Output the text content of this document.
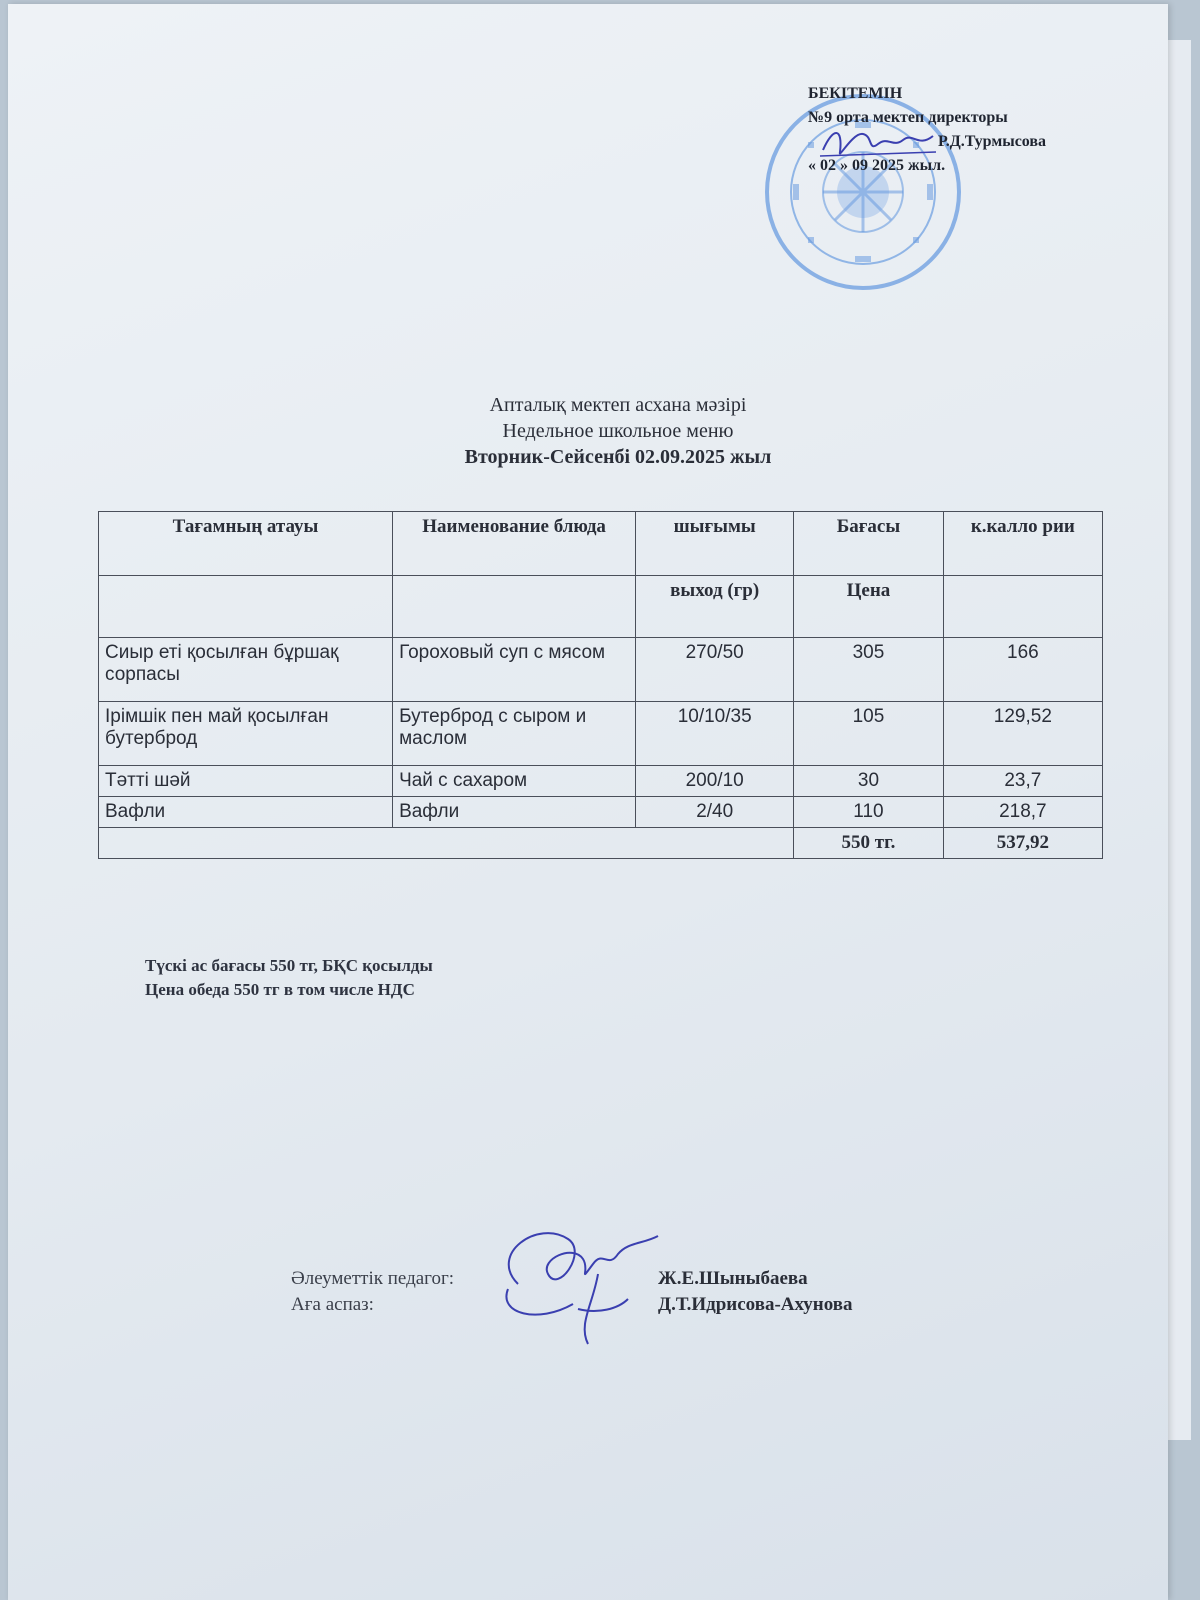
БЕКІТЕМІН
№9 орта мектеп директоры
Р.Д.Турмысова
« 02 » 09 2025 жыл.
Апталық мектеп асхана мәзірі
Недельное школьное меню
Вторник-Сейсенбі 02.09.2025 жыл
Тағамның атауы	Наименование блюда	шығымы	Бағасы	к.калло рии
		выход (гр)	Цена	
Сиыр еті қосылған бұршақ сорпасы	Гороховый суп с мясом	270/50	305	166
Ірімшік пен май қосылған бутерброд	Бутерброд с сыром и маслом	10/10/35	105	129,52
Тәтті шәй	Чай с сахаром	200/10	30	23,7
Вафли	Вафли	2/40	110	218,7
			550 тг.	537,92
Түскі ас бағасы 550 тг, БҚС қосылды
Цена обеда 550 тг в том числе НДС
Әлеуметтік педагог:	Ж.Е.Шыныбаева
Аға аспаз:	Д.Т.Идрисова-Ахунова
